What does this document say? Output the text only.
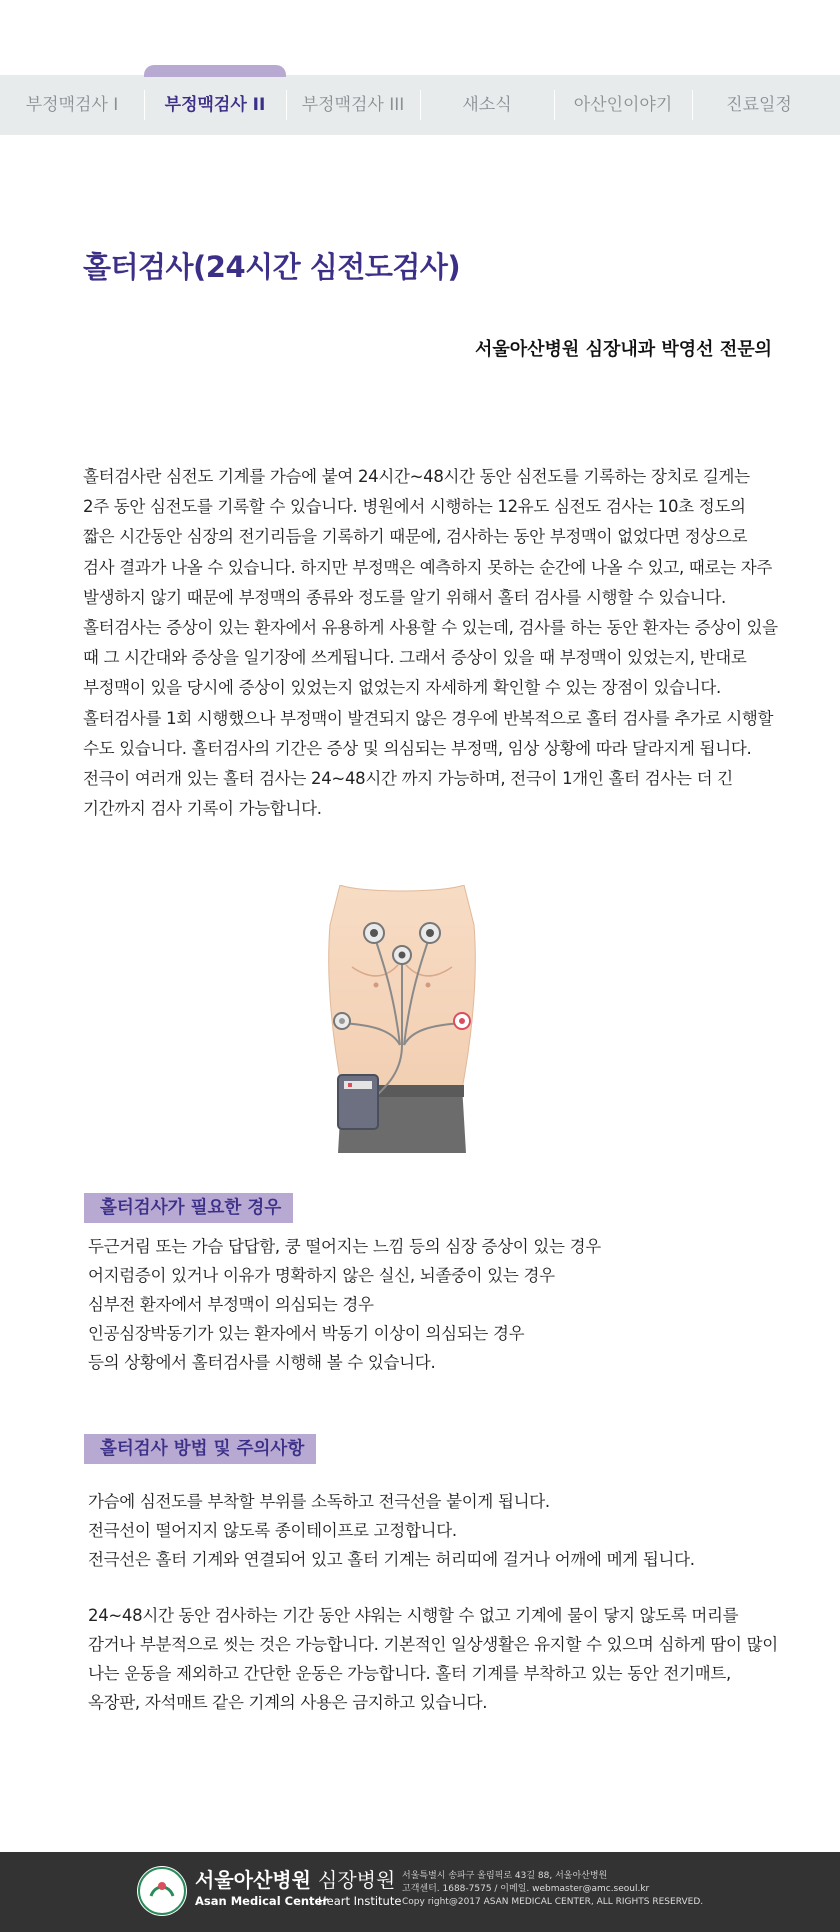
부정맥검사 I	부정맥검사 II	부정맥검사 III	새소식	아산인이야기	진료일정
홀터검사(24시간 심전도검사)
서울아산병원 심장내과 박영선 전문의

홀터검사란 심전도 기계를 가슴에 붙여 24시간~48시간 동안 심전도를 기록하는 장치로 길게는 2주 동안 심전도를 기록할 수 있습니다. 병원에서 시행하는 12유도 심전도 검사는 10초 정도의 짧은 시간동안 심장의 전기리듬을 기록하기 때문에, 검사하는 동안 부정맥이 없었다면 정상으로 검사 결과가 나올 수 있습니다. 하지만 부정맥은 예측하지 못하는 순간에 나올 수 있고, 때로는 자주 발생하지 않기 때문에 부정맥의 종류와 정도를 알기 위해서 홀터 검사를 시행할 수 있습니다. 홀터검사는 증상이 있는 환자에서 유용하게 사용할 수 있는데, 검사를 하는 동안 환자는 증상이 있을 때 그 시간대와 증상을 일기장에 쓰게됩니다. 그래서 증상이 있을 때 부정맥이 있었는지, 반대로 부정맥이 있을 당시에 증상이 있었는지 없었는지 자세하게 확인할 수 있는 장점이 있습니다. 홀터검사를 1회 시행했으나 부정맥이 발견되지 않은 경우에 반복적으로 홀터 검사를 추가로 시행할 수도 있습니다. 홀터검사의 기간은 증상 및 의심되는 부정맥, 임상 상황에 따라 달라지게 됩니다. 전극이 여러개 있는 홀터 검사는 24~48시간 까지 가능하며, 전극이 1개인 홀터 검사는 더 긴 기간까지 검사 기록이 가능합니다.

홀터검사가 필요한 경우

두근거림 또는 가슴 답답함, 쿵 떨어지는 느낌 등의 심장 증상이 있는 경우

어지럼증이 있거나 이유가 명확하지 않은 실신, 뇌졸중이 있는 경우

심부전 환자에서 부정맥이 의심되는 경우

인공심장박동기가 있는 환자에서 박동기 이상이 의심되는 경우

등의 상황에서 홀터검사를 시행해 볼 수 있습니다.

홀터검사 방법 및 주의사항

가슴에 심전도를 부착할 부위를 소독하고 전극선을 붙이게 됩니다.

전극선이 떨어지지 않도록 종이테이프로 고정합니다.

전극선은 홀터 기계와 연결되어 있고 홀터 기계는 허리띠에 걸거나 어깨에 메게 됩니다.

24~48시간 동안 검사하는 기간 동안 샤워는 시행할 수 없고 기계에 물이 닿지 않도록 머리를 감거나 부분적으로 씻는 것은 가능합니다. 기본적인 일상생활은 유지할 수 있으며 심하게 땀이 많이 나는 운동을 제외하고 간단한 운동은 가능합니다. 홀터 기계를 부착하고 있는 동안 전기매트, 옥장판, 자석매트 같은 기계의 사용은 금지하고 있습니다.

서울아산병원
Asan Medical Center
심장병원
Heart Institute
서울특별시 송파구 올림픽로 43길 88, 서울아산병원
고객센터. 1688-7575 / 이메일. webmaster@amc.seoul.kr
Copy right@2017 ASAN MEDICAL CENTER, ALL RIGHTS RESERVED.
